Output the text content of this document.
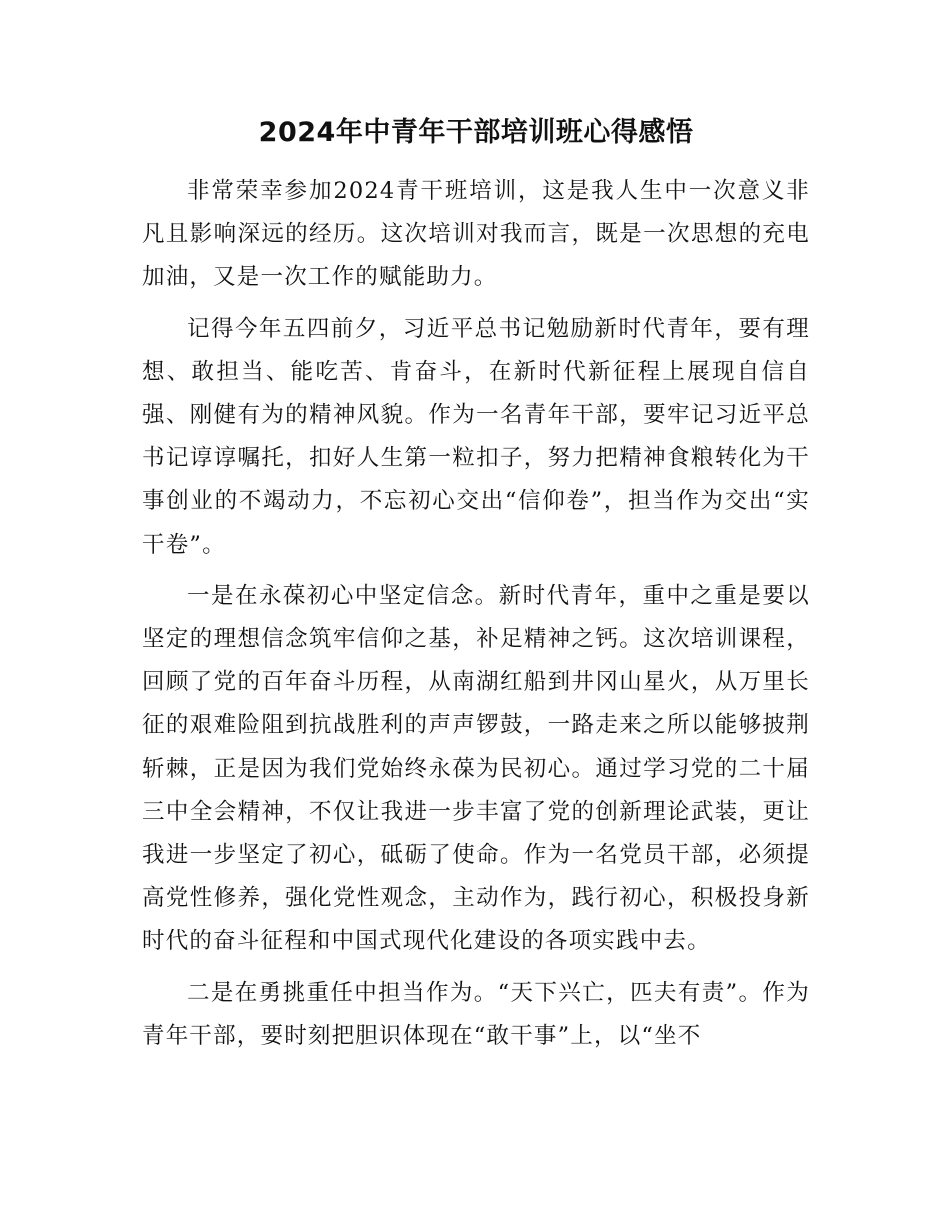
2024年中青年干部培训班心得感悟

非常荣幸参加2024青干班培训，这是我人生中一次意义非凡且影响深远的经历。这次培训对我而言，既是一次思想的充电加油，又是一次工作的赋能助力。

记得今年五四前夕，习近平总书记勉励新时代青年，要有理想、敢担当、能吃苦、肯奋斗，在新时代新征程上展现自信自强、刚健有为的精神风貌。作为一名青年干部，要牢记习近平总书记谆谆嘱托，扣好人生第一粒扣子，努力把精神食粮转化为干事创业的不竭动力，不忘初心交出“信仰卷”，担当作为交出“实干卷”。

一是在永葆初心中坚定信念。新时代青年，重中之重是要以坚定的理想信念筑牢信仰之基，补足精神之钙。这次培训课程，回顾了党的百年奋斗历程，从南湖红船到井冈山星火，从万里长征的艰难险阻到抗战胜利的声声锣鼓，一路走来之所以能够披荆斩棘，正是因为我们党始终永葆为民初心。通过学习党的二十届三中全会精神，不仅让我进一步丰富了党的创新理论武装，更让我进一步坚定了初心，砥砺了使命。作为一名党员干部，必须提高党性修养，强化党性观念，主动作为，践行初心，积极投身新时代的奋斗征程和中国式现代化建设的各项实践中去。

二是在勇挑重任中担当作为。“天下兴亡，匹夫有责”。作为青年干部，要时刻把胆识体现在“敢干事”上，以“坐不
